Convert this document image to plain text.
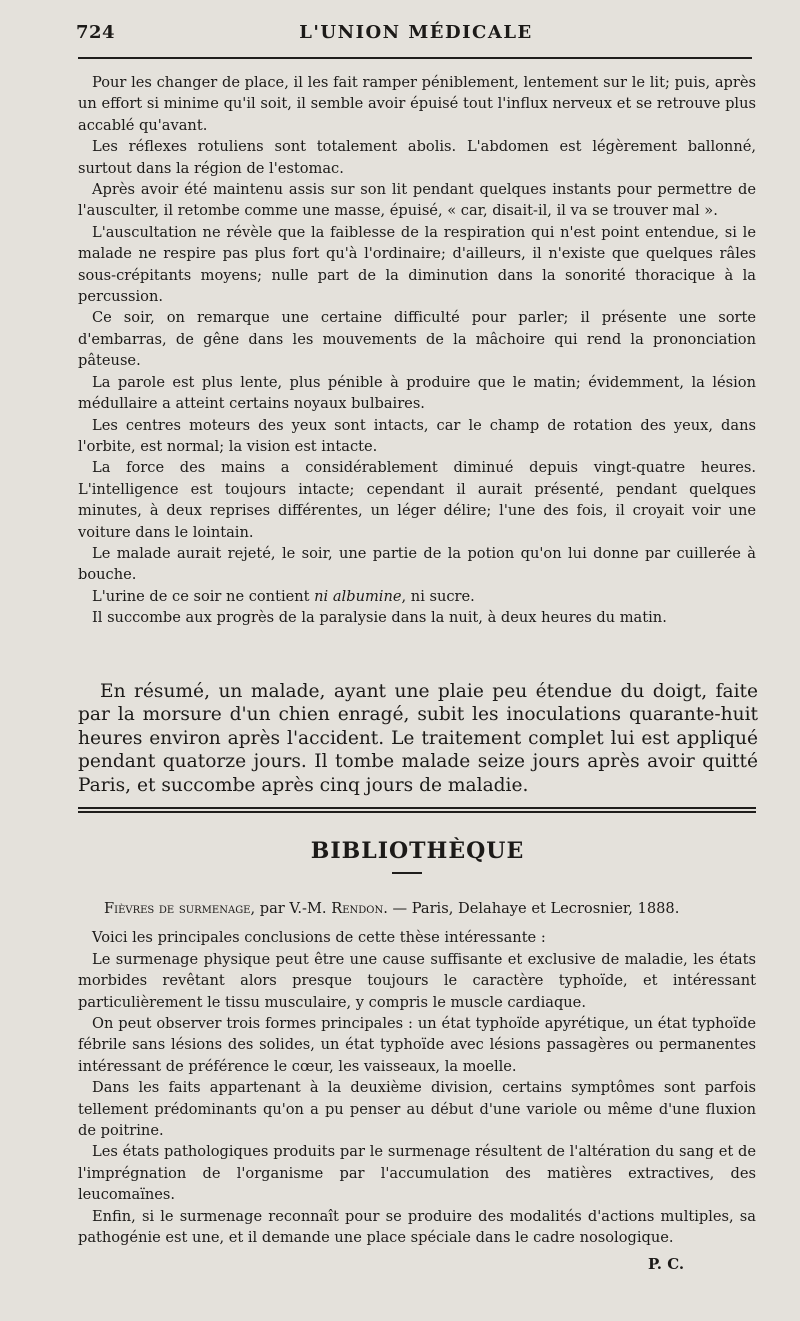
724	L'UNION MÉDICALE

Pour les changer de place, il les fait ramper péniblement, lentement sur le lit; puis, après un effort si minime qu'il soit, il semble avoir épuisé tout l'influx nerveux et se retrouve plus accablé qu'avant.

Les réflexes rotuliens sont totalement abolis. L'abdomen est légèrement ballonné, surtout dans la région de l'estomac.

Après avoir été maintenu assis sur son lit pendant quelques instants pour permettre de l'ausculter, il retombe comme une masse, épuisé, « car, disait-il, il va se trouver mal ».

L'auscultation ne révèle que la faiblesse de la respiration qui n'est point entendue, si le malade ne respire pas plus fort qu'à l'ordinaire; d'ailleurs, il n'existe que quelques râles sous-crépitants moyens; nulle part de la diminution dans la sonorité thoracique à la percussion.

Ce soir, on remarque une certaine difficulté pour parler; il présente une sorte d'embarras, de gêne dans les mouvements de la mâchoire qui rend la prononciation pâteuse.

La parole est plus lente, plus pénible à produire que le matin; évidemment, la lésion médullaire a atteint certains noyaux bulbaires.

Les centres moteurs des yeux sont intacts, car le champ de rotation des yeux, dans l'orbite, est normal; la vision est intacte.

La force des mains a considérablement diminué depuis vingt-quatre heures. L'intelligence est toujours intacte; cependant il aurait présenté, pendant quelques minutes, à deux reprises différentes, un léger délire; l'une des fois, il croyait voir une voiture dans le lointain.

Le malade aurait rejeté, le soir, une partie de la potion qu'on lui donne par cuillerée à bouche.

L'urine de ce soir ne contient ni albumine, ni sucre.

Il succombe aux progrès de la paralysie dans la nuit, à deux heures du matin.

En résumé, un malade, ayant une plaie peu étendue du doigt, faite par la morsure d'un chien enragé, subit les inoculations quarante-huit heures environ après l'accident. Le traitement complet lui est appliqué pendant quatorze jours. Il tombe malade seize jours après avoir quitté Paris, et succombe après cinq jours de maladie.

BIBLIOTHÈQUE

Fièvres de surmenage, par V.-M. Rendon. — Paris, Delahaye et Lecrosnier, 1888.

Voici les principales conclusions de cette thèse intéressante :

Le surmenage physique peut être une cause suffisante et exclusive de maladie, les états morbides revêtant alors presque toujours le caractère typhoïde, et intéressant particulièrement le tissu musculaire, y compris le muscle cardiaque.

On peut observer trois formes principales : un état typhoïde apyrétique, un état typhoïde fébrile sans lésions des solides, un état typhoïde avec lésions passagères ou permanentes intéressant de préférence le cœur, les vaisseaux, la moelle.

Dans les faits appartenant à la deuxième division, certains symptômes sont parfois tellement prédominants qu'on a pu penser au début d'une variole ou même d'une fluxion de poitrine.

Les états pathologiques produits par le surmenage résultent de l'altération du sang et de l'imprégnation de l'organisme par l'accumulation des matières extractives, des leucomaïnes.

Enfin, si le surmenage reconnaît pour se produire des modalités d'actions multiples, sa pathogénie est une, et il demande une place spéciale dans le cadre nosologique.

P. C.
